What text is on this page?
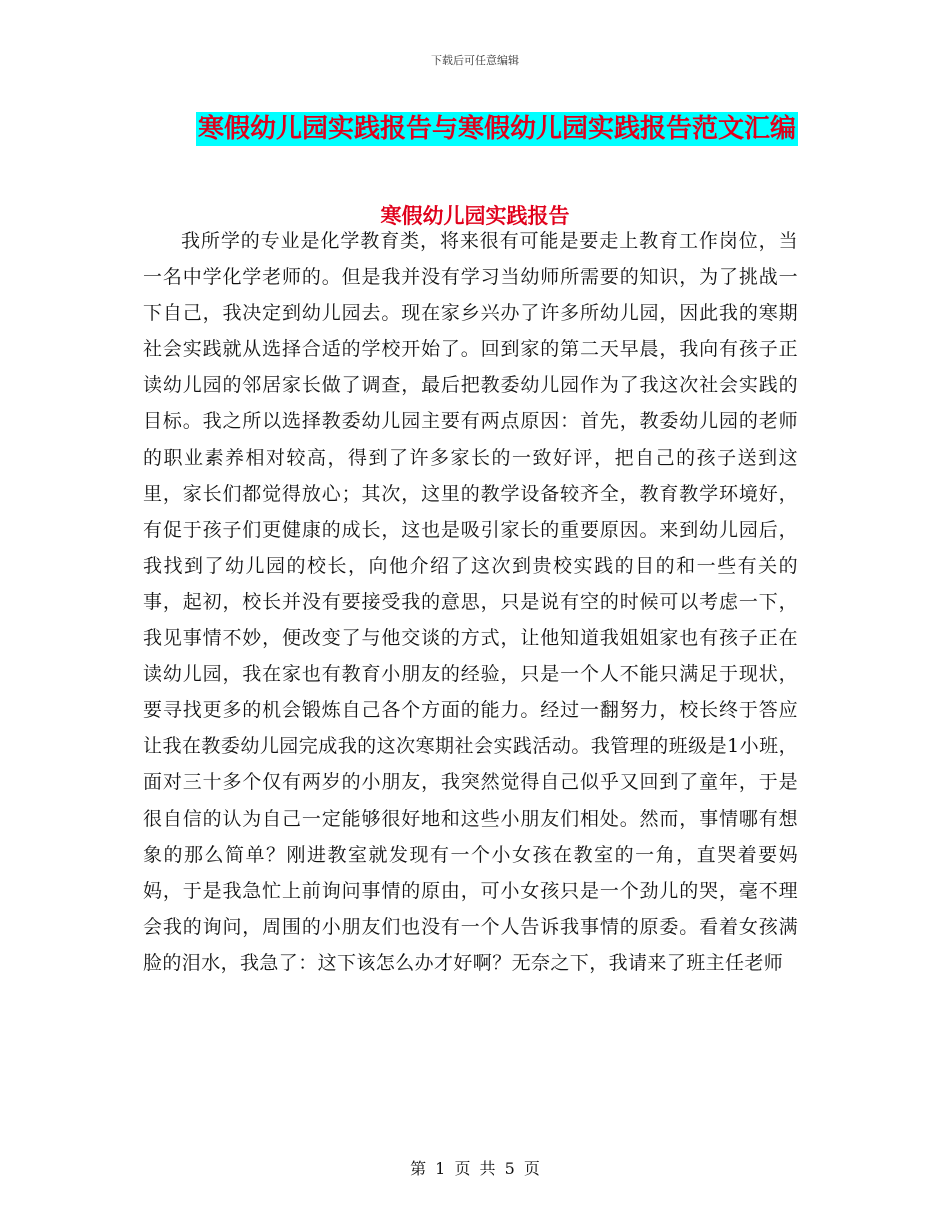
下载后可任意编辑
寒假幼儿园实践报告与寒假幼儿园实践报告范文汇编
寒假幼儿园实践报告

我所学的专业是化学教育类，将来很有可能是要走上教育工作岗位，当一名中学化学老师的。但是我并没有学习当幼师所需要的知识，为了挑战一下自己，我决定到幼儿园去。现在家乡兴办了许多所幼儿园，因此我的寒期社会实践就从选择合适的学校开始了。回到家的第二天早晨，我向有孩子正读幼儿园的邻居家长做了调查，最后把教委幼儿园作为了我这次社会实践的目标。我之所以选择教委幼儿园主要有两点原因：首先，教委幼儿园的老师的职业素养相对较高，得到了许多家长的一致好评，把自己的孩子送到这里，家长们都觉得放心；其次，这里的教学设备较齐全，教育教学环境好，有促于孩子们更健康的成长，这也是吸引家长的重要原因。来到幼儿园后，我找到了幼儿园的校长，向他介绍了这次到贵校实践的目的和一些有关的事，起初，校长并没有要接受我的意思，只是说有空的时候可以考虑一下，我见事情不妙，便改变了与他交谈的方式，让他知道我姐姐家也有孩子正在读幼儿园，我在家也有教育小朋友的经验，只是一个人不能只满足于现状，要寻找更多的机会锻炼自己各个方面的能力。经过一翻努力，校长终于答应让我在教委幼儿园完成我的这次寒期社会实践活动。我管理的班级是1小班，面对三十多个仅有两岁的小朋友，我突然觉得自己似乎又回到了童年，于是很自信的认为自己一定能够很好地和这些小朋友们相处。然而，事情哪有想象的那么简单？刚进教室就发现有一个小女孩在教室的一角，直哭着要妈妈，于是我急忙上前询问事情的原由，可小女孩只是一个劲儿的哭，毫不理会我的询问，周围的小朋友们也没有一个人告诉我事情的原委。看着女孩满脸的泪水，我急了：这下该怎么办才好啊？无奈之下，我请来了班主任老师

第 1 页 共 5 页
